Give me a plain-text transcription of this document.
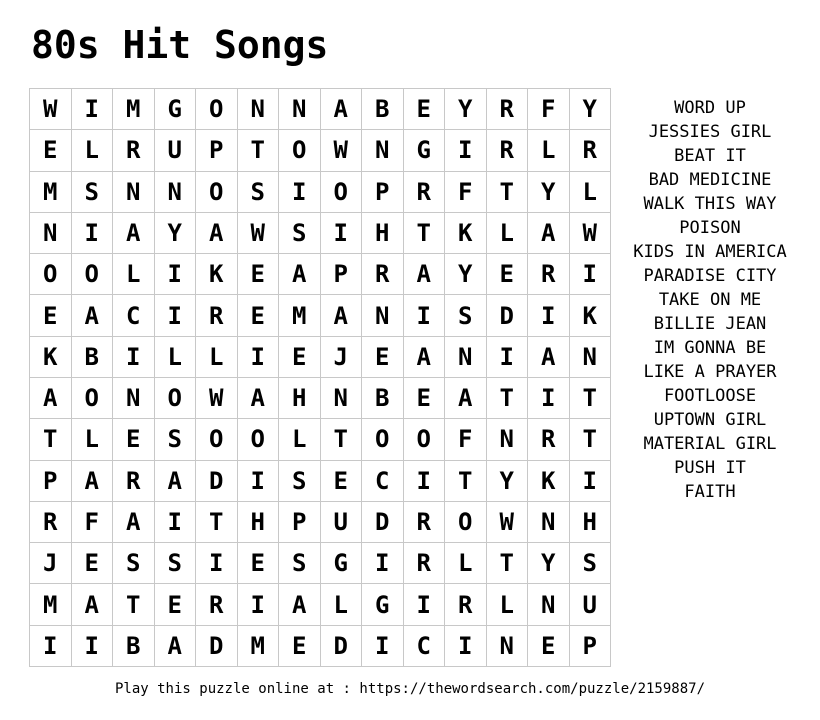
80s Hit Songs
W	I	M	G	O	N	N	A	B	E	Y	R	F	Y
E	L	R	U	P	T	O	W	N	G	I	R	L	R
M	S	N	N	O	S	I	O	P	R	F	T	Y	L
N	I	A	Y	A	W	S	I	H	T	K	L	A	W
O	O	L	I	K	E	A	P	R	A	Y	E	R	I
E	A	C	I	R	E	M	A	N	I	S	D	I	K
K	B	I	L	L	I	E	J	E	A	N	I	A	N
A	O	N	O	W	A	H	N	B	E	A	T	I	T
T	L	E	S	O	O	L	T	O	O	F	N	R	T
P	A	R	A	D	I	S	E	C	I	T	Y	K	I
R	F	A	I	T	H	P	U	D	R	O	W	N	H
J	E	S	S	I	E	S	G	I	R	L	T	Y	S
M	A	T	E	R	I	A	L	G	I	R	L	N	U
I	I	B	A	D	M	E	D	I	C	I	N	E	P
WORD UP
JESSIES GIRL
BEAT IT
BAD MEDICINE
WALK THIS WAY
POISON
KIDS IN AMERICA
PARADISE CITY
TAKE ON ME
BILLIE JEAN
IM GONNA BE
LIKE A PRAYER
FOOTLOOSE
UPTOWN GIRL
MATERIAL GIRL
PUSH IT
FAITH
Play this puzzle online at : https://thewordsearch.com/puzzle/2159887/
